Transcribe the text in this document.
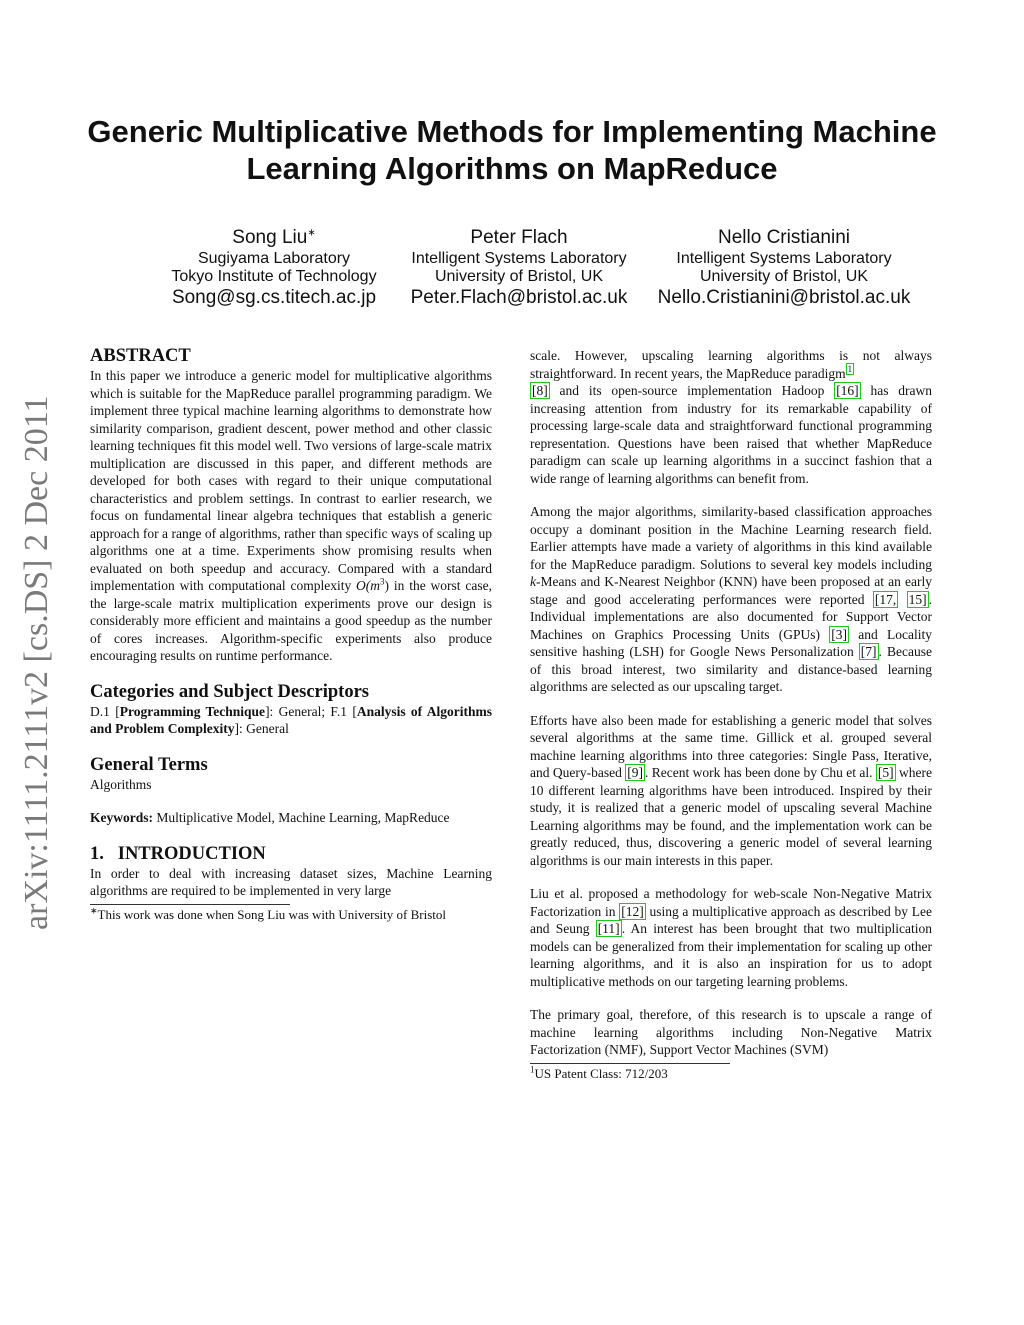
arXiv:1111.2111v2 [cs.DS] 2 Dec 2011
Generic Multiplicative Methods for Implementing Machine
Learning Algorithms on MapReduce
Song Liu∗
Sugiyama Laboratory
Tokyo Institute of Technology
Song@sg.cs.titech.ac.jp
Peter Flach
Intelligent Systems Laboratory
University of Bristol, UK
Peter.Flach@bristol.ac.uk
Nello Cristianini
Intelligent Systems Laboratory
University of Bristol, UK
Nello.Cristianini@bristol.ac.uk
ABSTRACT

In this paper we introduce a generic model for multiplicative algorithms which is suitable for the MapReduce parallel programming paradigm. We implement three typical machine learning algorithms to demonstrate how similarity comparison, gradient descent, power method and other classic learning techniques fit this model well. Two versions of large-scale matrix multiplication are discussed in this paper, and different methods are developed for both cases with regard to their unique computational characteristics and problem settings. In contrast to earlier research, we focus on fundamental linear algebra techniques that establish a generic approach for a range of algorithms, rather than specific ways of scaling up algorithms one at a time. Experiments show promising results when evaluated on both speedup and accuracy. Compared with a standard implementation with computational complexity $O(m^3)$ in the worst case, the large-scale matrix multiplication experiments prove our design is considerably more efficient and maintains a good speedup as the number of cores increases. Algorithm-specific experiments also produce encouraging results on runtime performance.

Categories and Subject Descriptors

D.1 [Programming Technique]: General; F.1 [Analysis of Algorithms and Problem Complexity]: General

General Terms

Algorithms

Keywords: Multiplicative Model, Machine Learning, MapReduce

1.   INTRODUCTION

In order to deal with increasing dataset sizes, Machine Learning algorithms are required to be implemented in very large

∗This work was done when Song Liu was with University of Bristol

scale. However, upscaling learning algorithms is not always straightforward. In recent years, the MapReduce paradigm $^1$
[8] and its open-source implementation Hadoop [16] has drawn increasing attention from industry for its remarkable capability of processing large-scale data and straightforward functional programming representation. Questions have been raised that whether MapReduce paradigm can scale up learning algorithms in a succinct fashion that a wide range of learning algorithms can benefit from.

Among the major algorithms, similarity-based classification approaches occupy a dominant position in the Machine Learning research field. Earlier attempts have made a variety of algorithms in this kind available for the MapReduce paradigm. Solutions to several key models including k-Means and K-Nearest Neighbor (KNN) have been proposed at an early stage and good accelerating performances were reported [17, 15] . Individual implementations are also documented for Support Vector Machines on Graphics Processing Units (GPUs) [3] and Locality sensitive hashing (LSH) for Google News Personalization [7] . Because of this broad interest, two similarity and distance-based learning algorithms are selected as our upscaling target.

Efforts have also been made for establishing a generic model that solves several algorithms at the same time. Gillick et al. grouped several machine learning algorithms into three categories: Single Pass, Iterative, and Query-based [9] . Recent work has been done by Chu et al. [5] where 10 different learning algorithms have been introduced. Inspired by their study, it is realized that a generic model of upscaling several Machine Learning algorithms may be found, and the implementation work can be greatly reduced, thus, discovering a generic model of several learning algorithms is our main interests in this paper.

Liu et al. proposed a methodology for web-scale Non-Negative Matrix Factorization in [12] using a multiplicative approach as described by Lee and Seung [11] . An interest has been brought that two multiplication models can be generalized from their implementation for scaling up other learning algorithms, and it is also an inspiration for us to adopt multiplicative methods on our targeting learning problems.

The primary goal, therefore, of this research is to upscale a range of machine learning algorithms including Non-Negative Matrix Factorization (NMF), Support Vector Machines (SVM)

$^1$US Patent Class: 712/203
